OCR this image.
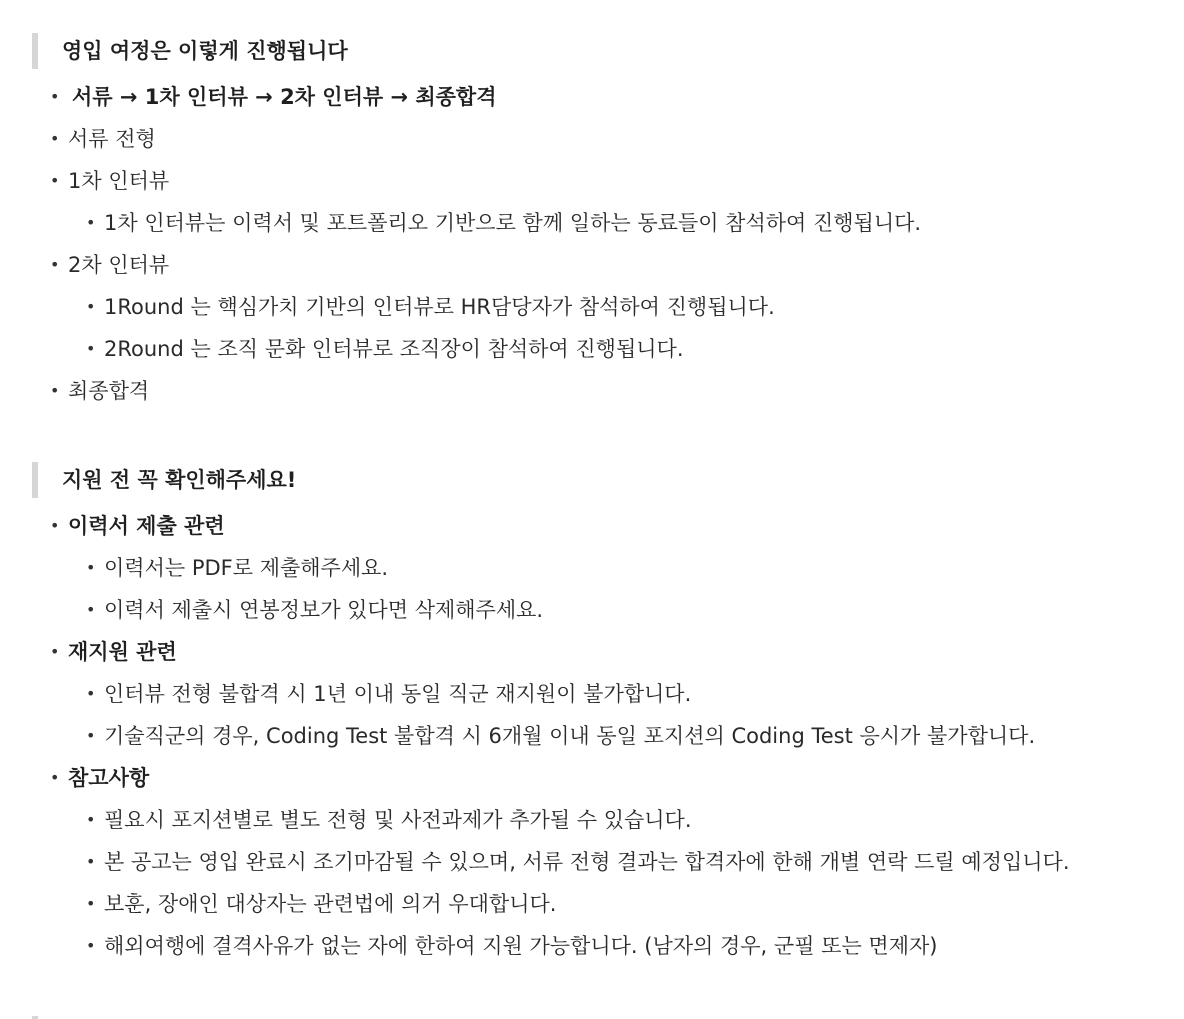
영입 여정은 이렇게 진행됩니다
• 서류 → 1차 인터뷰 → 2차 인터뷰 → 최종합격
• 서류 전형
• 1차 인터뷰
• 1차 인터뷰는 이력서 및 포트폴리오 기반으로 함께 일하는 동료들이 참석하여 진행됩니다.
• 2차 인터뷰
• 1Round 는 핵심가치 기반의 인터뷰로 HR담당자가 참석하여 진행됩니다.
• 2Round 는 조직 문화 인터뷰로 조직장이 참석하여 진행됩니다.
• 최종합격
지원 전 꼭 확인해주세요!
• 이력서 제출 관련
• 이력서는 PDF로 제출해주세요.
• 이력서 제출시 연봉정보가 있다면 삭제해주세요.
• 재지원 관련
• 인터뷰 전형 불합격 시 1년 이내 동일 직군 재지원이 불가합니다.
• 기술직군의 경우, Coding Test 불합격 시 6개월 이내 동일 포지션의 Coding Test 응시가 불가합니다.
• 참고사항
• 필요시 포지션별로 별도 전형 및 사전과제가 추가될 수 있습니다.
• 본 공고는 영입 완료시 조기마감될 수 있으며, 서류 전형 결과는 합격자에 한해 개별 연락 드릴 예정입니다.
• 보훈, 장애인 대상자는 관련법에 의거 우대합니다.
• 해외여행에 결격사유가 없는 자에 한하여 지원 가능합니다. (남자의 경우, 군필 또는 면제자)
